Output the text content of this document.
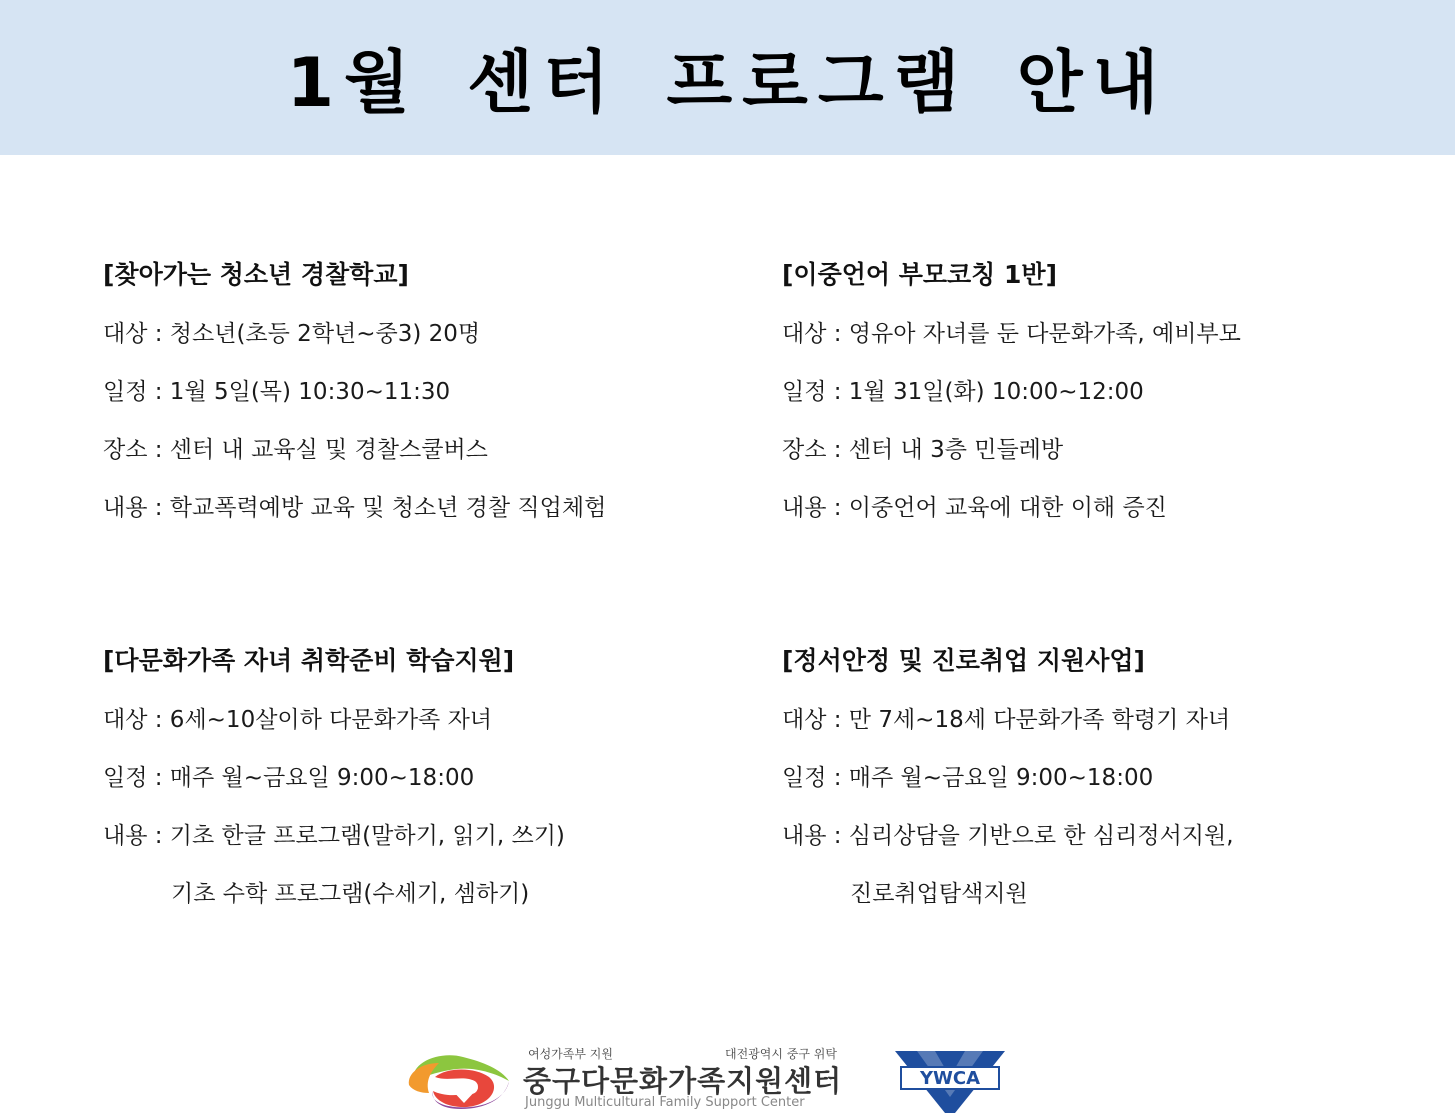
1월 센터 프로그램 안내

[찾아가는 청소년 경찰학교]

대상 : 청소년(초등 2학년~중3) 20명

일정 : 1월 5일(목) 10:30~11:30

장소 : 센터 내 교육실 및 경찰스쿨버스

내용 : 학교폭력예방 교육 및 청소년 경찰 직업체험

[이중언어 부모코칭 1반]

대상 : 영유아 자녀를 둔 다문화가족, 예비부모

일정 : 1월 31일(화) 10:00~12:00

장소 : 센터 내 3층 민들레방

내용 : 이중언어 교육에 대한 이해 증진

[다문화가족 자녀 취학준비 학습지원]

대상 : 6세~10살이하 다문화가족 자녀

일정 : 매주 월~금요일 9:00~18:00

내용 : 기초 한글 프로그램(말하기, 읽기, 쓰기)

기초 수학 프로그램(수세기, 셈하기)

[정서안정 및 진로취업 지원사업]

대상 : 만 7세~18세 다문화가족 학령기 자녀

일정 : 매주 월~금요일 9:00~18:00

내용 : 심리상담을 기반으로 한 심리정서지원,

진로취업탐색지원

여성가족부 지원	대전광역시 중구 위탁
중구다문화가족지원센터
Junggu Multicultural Family Support Center
YWCA
